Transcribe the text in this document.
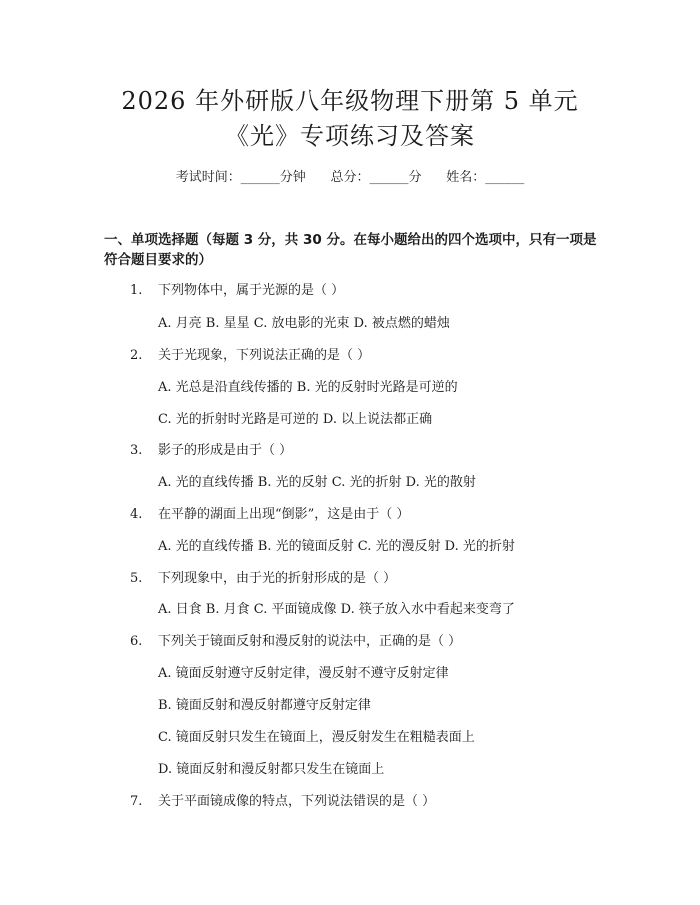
2026 年外研版八年级物理下册第 5 单元
《光》专项练习及答案
考试时间：______分钟      总分：______分      姓名：______
一、单项选择题（每题 3 分，共 30 分。在每小题给出的四个选项中，只有一项是
符合题目要求的）
1. 下列物体中，属于光源的是（ ）
A. 月亮 B. 星星 C. 放电影的光束 D. 被点燃的蜡烛
2. 关于光现象，下列说法正确的是（ ）
A. 光总是沿直线传播的 B. 光的反射时光路是可逆的
C. 光的折射时光路是可逆的 D. 以上说法都正确
3. 影子的形成是由于（ ）
A. 光的直线传播 B. 光的反射 C. 光的折射 D. 光的散射
4. 在平静的湖面上出现“倒影”，这是由于（ ）
A. 光的直线传播 B. 光的镜面反射 C. 光的漫反射 D. 光的折射
5. 下列现象中，由于光的折射形成的是（ ）
A. 日食 B. 月食 C. 平面镜成像 D. 筷子放入水中看起来变弯了
6. 下列关于镜面反射和漫反射的说法中，正确的是（ ）
A. 镜面反射遵守反射定律，漫反射不遵守反射定律
B. 镜面反射和漫反射都遵守反射定律
C. 镜面反射只发生在镜面上，漫反射发生在粗糙表面上
D. 镜面反射和漫反射都只发生在镜面上
7. 关于平面镜成像的特点，下列说法错误的是（ ）
